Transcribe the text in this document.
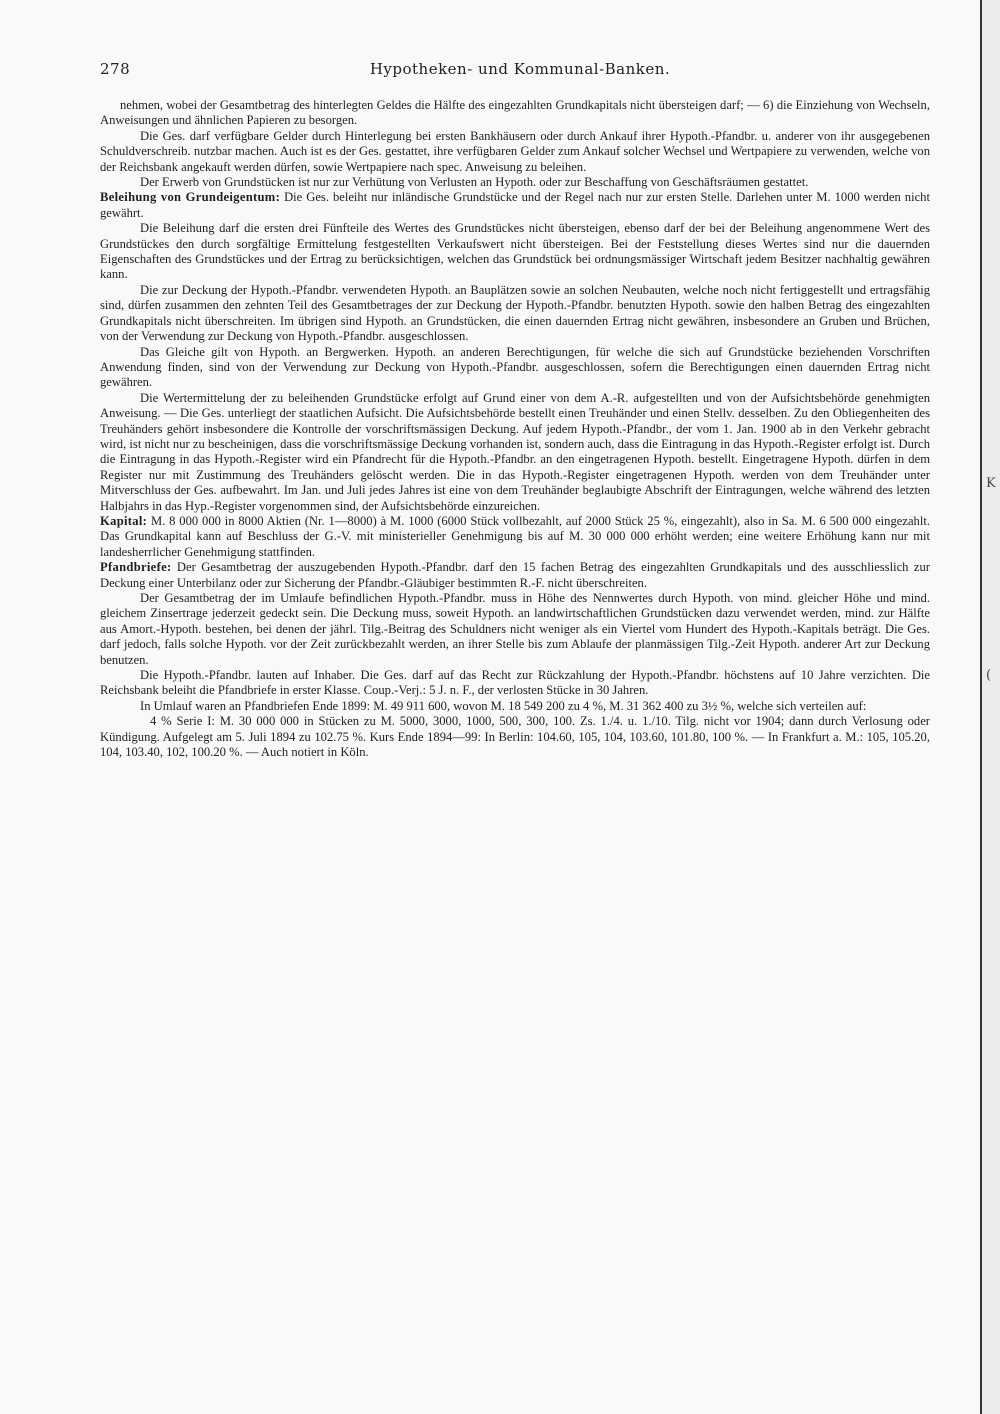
K
(
278	Hypotheken- und Kommunal-Banken.

nehmen, wobei der Gesamtbetrag des hinterlegten Geldes die Hälfte des eingezahlten Grundkapitals nicht übersteigen darf; — 6) die Einziehung von Wechseln, Anweisungen und ähnlichen Papieren zu besorgen.

Die Ges. darf verfügbare Gelder durch Hinterlegung bei ersten Bankhäusern oder durch Ankauf ihrer Hypoth.-Pfandbr. u. anderer von ihr ausgegebenen Schuldverschreib. nutzbar machen. Auch ist es der Ges. gestattet, ihre verfügbaren Gelder zum Ankauf solcher Wechsel und Wertpapiere zu verwenden, welche von der Reichsbank angekauft werden dürfen, sowie Wertpapiere nach spec. Anweisung zu beleihen.

Der Erwerb von Grundstücken ist nur zur Verhütung von Verlusten an Hypoth. oder zur Beschaffung von Geschäftsräumen gestattet.

Beleihung von Grundeigentum: Die Ges. beleiht nur inländische Grundstücke und der Regel nach nur zur ersten Stelle. Darlehen unter M. 1000 werden nicht gewährt.

Die Beleihung darf die ersten drei Fünfteile des Wertes des Grundstückes nicht übersteigen, ebenso darf der bei der Beleihung angenommene Wert des Grundstückes den durch sorgfältige Ermittelung festgestellten Verkaufswert nicht übersteigen. Bei der Feststellung dieses Wertes sind nur die dauernden Eigenschaften des Grundstückes und der Ertrag zu berücksichtigen, welchen das Grundstück bei ordnungsmässiger Wirtschaft jedem Besitzer nachhaltig gewähren kann.

Die zur Deckung der Hypoth.-Pfandbr. verwendeten Hypoth. an Bauplätzen sowie an solchen Neubauten, welche noch nicht fertiggestellt und ertragsfähig sind, dürfen zusammen den zehnten Teil des Gesamtbetrages der zur Deckung der Hypoth.-Pfandbr. benutzten Hypoth. sowie den halben Betrag des eingezahlten Grundkapitals nicht überschreiten. Im übrigen sind Hypoth. an Grundstücken, die einen dauernden Ertrag nicht gewähren, insbesondere an Gruben und Brüchen, von der Verwendung zur Deckung von Hypoth.-Pfandbr. ausgeschlossen.

Das Gleiche gilt von Hypoth. an Bergwerken. Hypoth. an anderen Berechtigungen, für welche die sich auf Grundstücke beziehenden Vorschriften Anwendung finden, sind von der Verwendung zur Deckung von Hypoth.-Pfandbr. ausgeschlossen, sofern die Berechtigungen einen dauernden Ertrag nicht gewähren.

Die Wertermittelung der zu beleihenden Grundstücke erfolgt auf Grund einer von dem A.-R. aufgestellten und von der Aufsichtsbehörde genehmigten Anweisung. — Die Ges. unterliegt der staatlichen Aufsicht. Die Aufsichtsbehörde bestellt einen Treuhänder und einen Stellv. desselben. Zu den Obliegenheiten des Treuhänders gehört insbesondere die Kontrolle der vorschriftsmässigen Deckung. Auf jedem Hypoth.-Pfandbr., der vom 1. Jan. 1900 ab in den Verkehr gebracht wird, ist nicht nur zu bescheinigen, dass die vorschriftsmässige Deckung vorhanden ist, sondern auch, dass die Eintragung in das Hypoth.-Register erfolgt ist. Durch die Eintragung in das Hypoth.-Register wird ein Pfandrecht für die Hypoth.-Pfandbr. an den eingetragenen Hypoth. bestellt. Eingetragene Hypoth. dürfen in dem Register nur mit Zustimmung des Treuhänders gelöscht werden. Die in das Hypoth.-Register eingetragenen Hypoth. werden von dem Treuhänder unter Mitverschluss der Ges. aufbewahrt. Im Jan. und Juli jedes Jahres ist eine von dem Treuhänder beglaubigte Abschrift der Eintragungen, welche während des letzten Halbjahrs in das Hyp.-Register vorgenommen sind, der Aufsichtsbehörde einzureichen.

Kapital: M. 8 000 000 in 8000 Aktien (Nr. 1—8000) à M. 1000 (6000 Stück vollbezahlt, auf 2000 Stück 25 %, eingezahlt), also in Sa. M. 6 500 000 eingezahlt. Das Grundkapital kann auf Beschluss der G.-V. mit ministerieller Genehmigung bis auf M. 30 000 000 erhöht werden; eine weitere Erhöhung kann nur mit landesherrlicher Genehmigung stattfinden.

Pfandbriefe: Der Gesamtbetrag der auszugebenden Hypoth.-Pfandbr. darf den 15 fachen Betrag des eingezahlten Grundkapitals und des ausschliesslich zur Deckung einer Unterbilanz oder zur Sicherung der Pfandbr.-Gläubiger bestimmten R.-F. nicht überschreiten.

Der Gesamtbetrag der im Umlaufe befindlichen Hypoth.-Pfandbr. muss in Höhe des Nennwertes durch Hypoth. von mind. gleicher Höhe und mind. gleichem Zinsertrage jederzeit gedeckt sein. Die Deckung muss, soweit Hypoth. an landwirtschaftlichen Grundstücken dazu verwendet werden, mind. zur Hälfte aus Amort.-Hypoth. bestehen, bei denen der jährl. Tilg.-Beitrag des Schuldners nicht weniger als ein Viertel vom Hundert des Hypoth.-Kapitals beträgt. Die Ges. darf jedoch, falls solche Hypoth. vor der Zeit zurückbezahlt werden, an ihrer Stelle bis zum Ablaufe der planmässigen Tilg.-Zeit Hypoth. anderer Art zur Deckung benutzen.

Die Hypoth.-Pfandbr. lauten auf Inhaber. Die Ges. darf auf das Recht zur Rückzahlung der Hypoth.-Pfandbr. höchstens auf 10 Jahre verzichten. Die Reichsbank beleiht die Pfandbriefe in erster Klasse. Coup.-Verj.: 5 J. n. F., der verlosten Stücke in 30 Jahren.

In Umlauf waren an Pfandbriefen Ende 1899: M. 49 911 600, wovon M. 18 549 200 zu 4 %, M. 31 362 400 zu 3½ %, welche sich verteilen auf:

4 % Serie I: M. 30 000 000 in Stücken zu M. 5000, 3000, 1000, 500, 300, 100. Zs. 1./4. u. 1./10. Tilg. nicht vor 1904; dann durch Verlosung oder Kündigung. Aufgelegt am 5. Juli 1894 zu 102.75 %. Kurs Ende 1894—99: In Berlin: 104.60, 105, 104, 103.60, 101.80, 100 %. — In Frankfurt a. M.: 105, 105.20, 104, 103.40, 102, 100.20 %. — Auch notiert in Köln.
